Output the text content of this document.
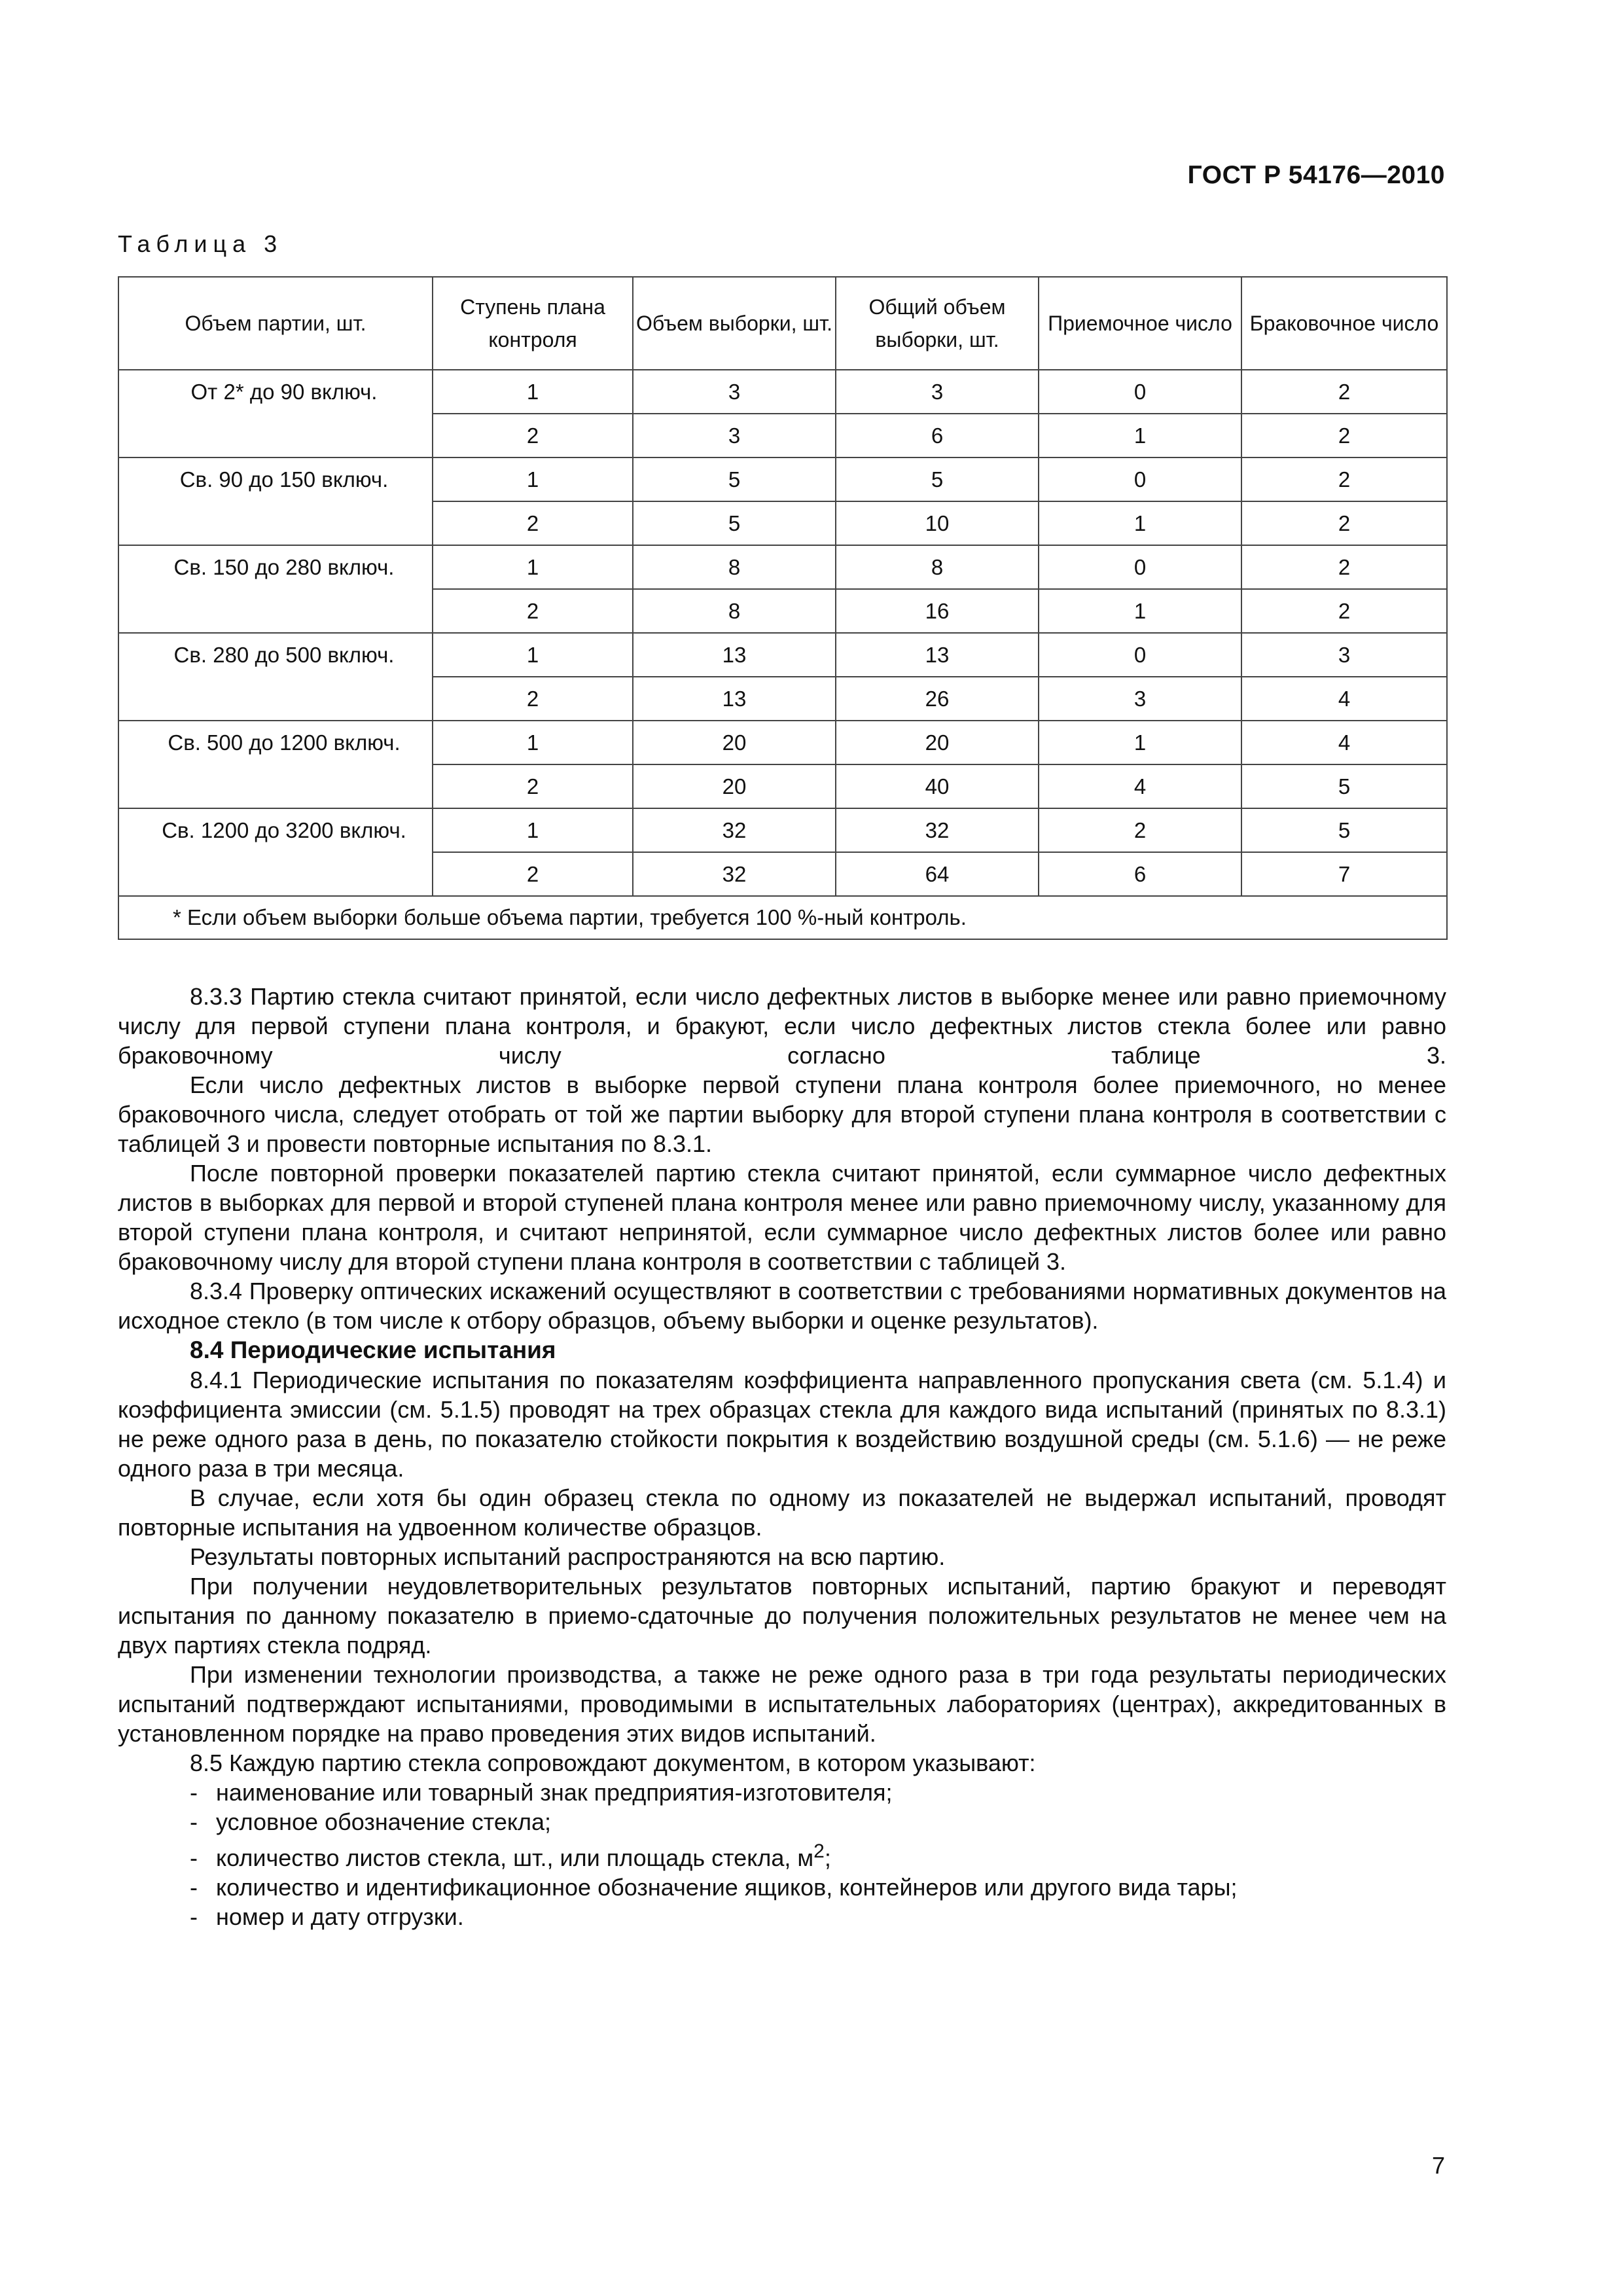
ГОСТ Р 54176—2010
Таблица 3
Объем партии, шт.	Ступень плана контроля	Объем выборки, шт.	Общий объем выборки, шт.	Приемочное число	Браковочное число
От 2* до 90 включ.	1	3	3	0	2
	2	3	6	1	2
Св. 90 до 150 включ.	1	5	5	0	2
	2	5	10	1	2
Св. 150 до 280 включ.	1	8	8	0	2
	2	8	16	1	2
Св. 280 до 500 включ.	1	13	13	0	3
	2	13	26	3	4
Св. 500 до 1200 включ.	1	20	20	1	4
	2	20	40	4	5
Св. 1200 до 3200 включ.	1	32	32	2	5
	2	32	64	6	7
* Если объем выборки больше объема партии, требуется 100 %-ный контроль.					

8.3.3 Партию стекла считают принятой, если число дефектных листов в выборке менее или равно приемочному числу для первой ступени плана контроля, и бракуют, если число дефектных листов стекла более или равно браковочному числу согласно таблице 3.

Если число дефектных листов в выборке первой ступени плана контроля более приемочного, но менее браковочного числа, следует отобрать от той же партии выборку для второй ступени плана контроля в соответствии с таблицей 3 и провести повторные испытания по 8.3.1.

После повторной проверки показателей партию стекла считают принятой, если суммарное число дефектных листов в выборках для первой и второй ступеней плана контроля менее или равно приемочному числу, указанному для второй ступени плана контроля, и считают непринятой, если суммарное число дефектных листов более или равно браковочному числу для второй ступени плана контроля в соответствии с таблицей 3.

8.3.4 Проверку оптических искажений осуществляют в соответствии с требованиями нормативных документов на исходное стекло (в том числе к отбору образцов, объему выборки и оценке результатов).

8.4 Периодические испытания

8.4.1 Периодические испытания по показателям коэффициента направленного пропускания света (см. 5.1.4) и коэффициента эмиссии (см. 5.1.5) проводят на трех образцах стекла для каждого вида испытаний (принятых по 8.3.1) не реже одного раза в день, по показателю стойкости покрытия к воздействию воздушной среды (см. 5.1.6) — не реже одного раза в три месяца.

В случае, если хотя бы один образец стекла по одному из показателей не выдержал испытаний, проводят повторные испытания на удвоенном количестве образцов.

Результаты повторных испытаний распространяются на всю партию.

При получении неудовлетворительных результатов повторных испытаний, партию бракуют и переводят испытания по данному показателю в приемо-сдаточные до получения положительных результатов не менее чем на двух партиях стекла подряд.

При изменении технологии производства, а также не реже одного раза в три года результаты периодических испытаний подтверждают испытаниями, проводимыми в испытательных лабораториях (центрах), аккредитованных в установленном порядке на право проведения этих видов испытаний.

8.5 Каждую партию стекла сопровождают документом, в котором указывают:

- наименование или товарный знак предприятия-изготовителя;
- условное обозначение стекла;
- количество листов стекла, шт., или площадь стекла, $м^2$;
- количество и идентификационное обозначение ящиков, контейнеров или другого вида тары;
- номер и дату отгрузки.
7
